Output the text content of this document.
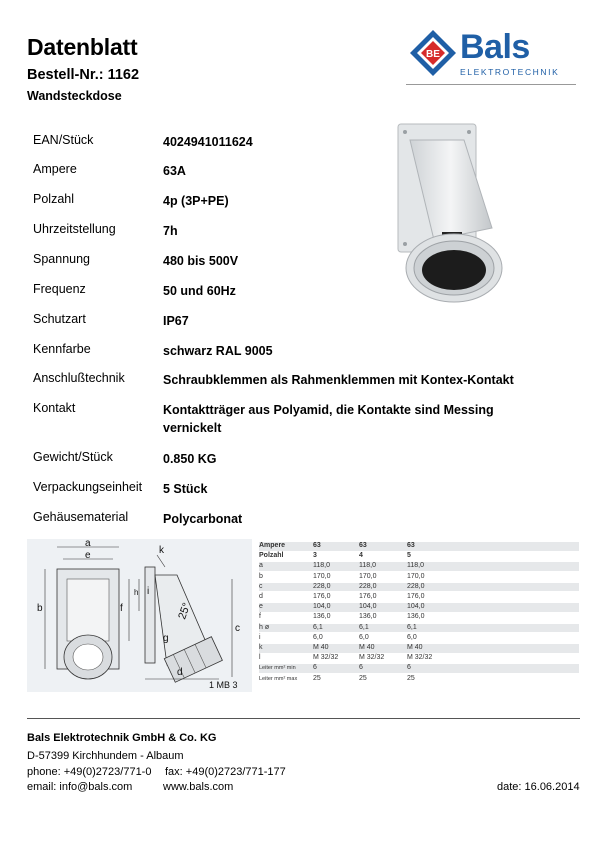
Datenblatt
Bestell-Nr.: 1162
Wandsteckdose
BE Bals
ELEKTROTECHNIK
EAN/Stück	4024941011624
Ampere	63A
Polzahl	4p (3P+PE)
Uhrzeitstellung	7h
Spannung	480 bis 500V
Frequenz	50 und 60Hz
Schutzart	IP67
Kennfarbe	schwarz RAL 9005
Anschlußtechnik	Schraubklemmen als Rahmenklemmen mit Kontex-Kontakt
Kontakt	Kontaktträger aus Polyamid, die Kontakte sind Messing vernickelt
Gewicht/Stück	0.850 KG
Verpackungseinheit 5 Stück
Gehäusematerial	Polycarbonat
a
e
b	f
h i
k
c
d
g
25°
1 MB 3
Ampere	63	63	63
Polzahl	3	4	5
a	118,0	118,0	118,0
b	170,0	170,0	170,0
c	228,0	228,0	228,0
d	176,0	176,0	176,0
e	104,0	104,0	104,0
f	136,0	136,0	136,0
h ø	6,1	6,1	6,1
i	6,0	6,0	6,0
k	M 40	M 40	M 40
l	M 32/32	M 32/32	M 32/32
Leiter mm² min 6	6	6
Leiter mm² max 25	25	25
Bals Elektrotechnik GmbH & Co. KG
D-57399 Kirchhundem - Albaum
phone: +49(0)2723/771-0 fax: +49(0)2723/771-177
email: info@bals.com	www.bals.com	date: 16.06.2014
